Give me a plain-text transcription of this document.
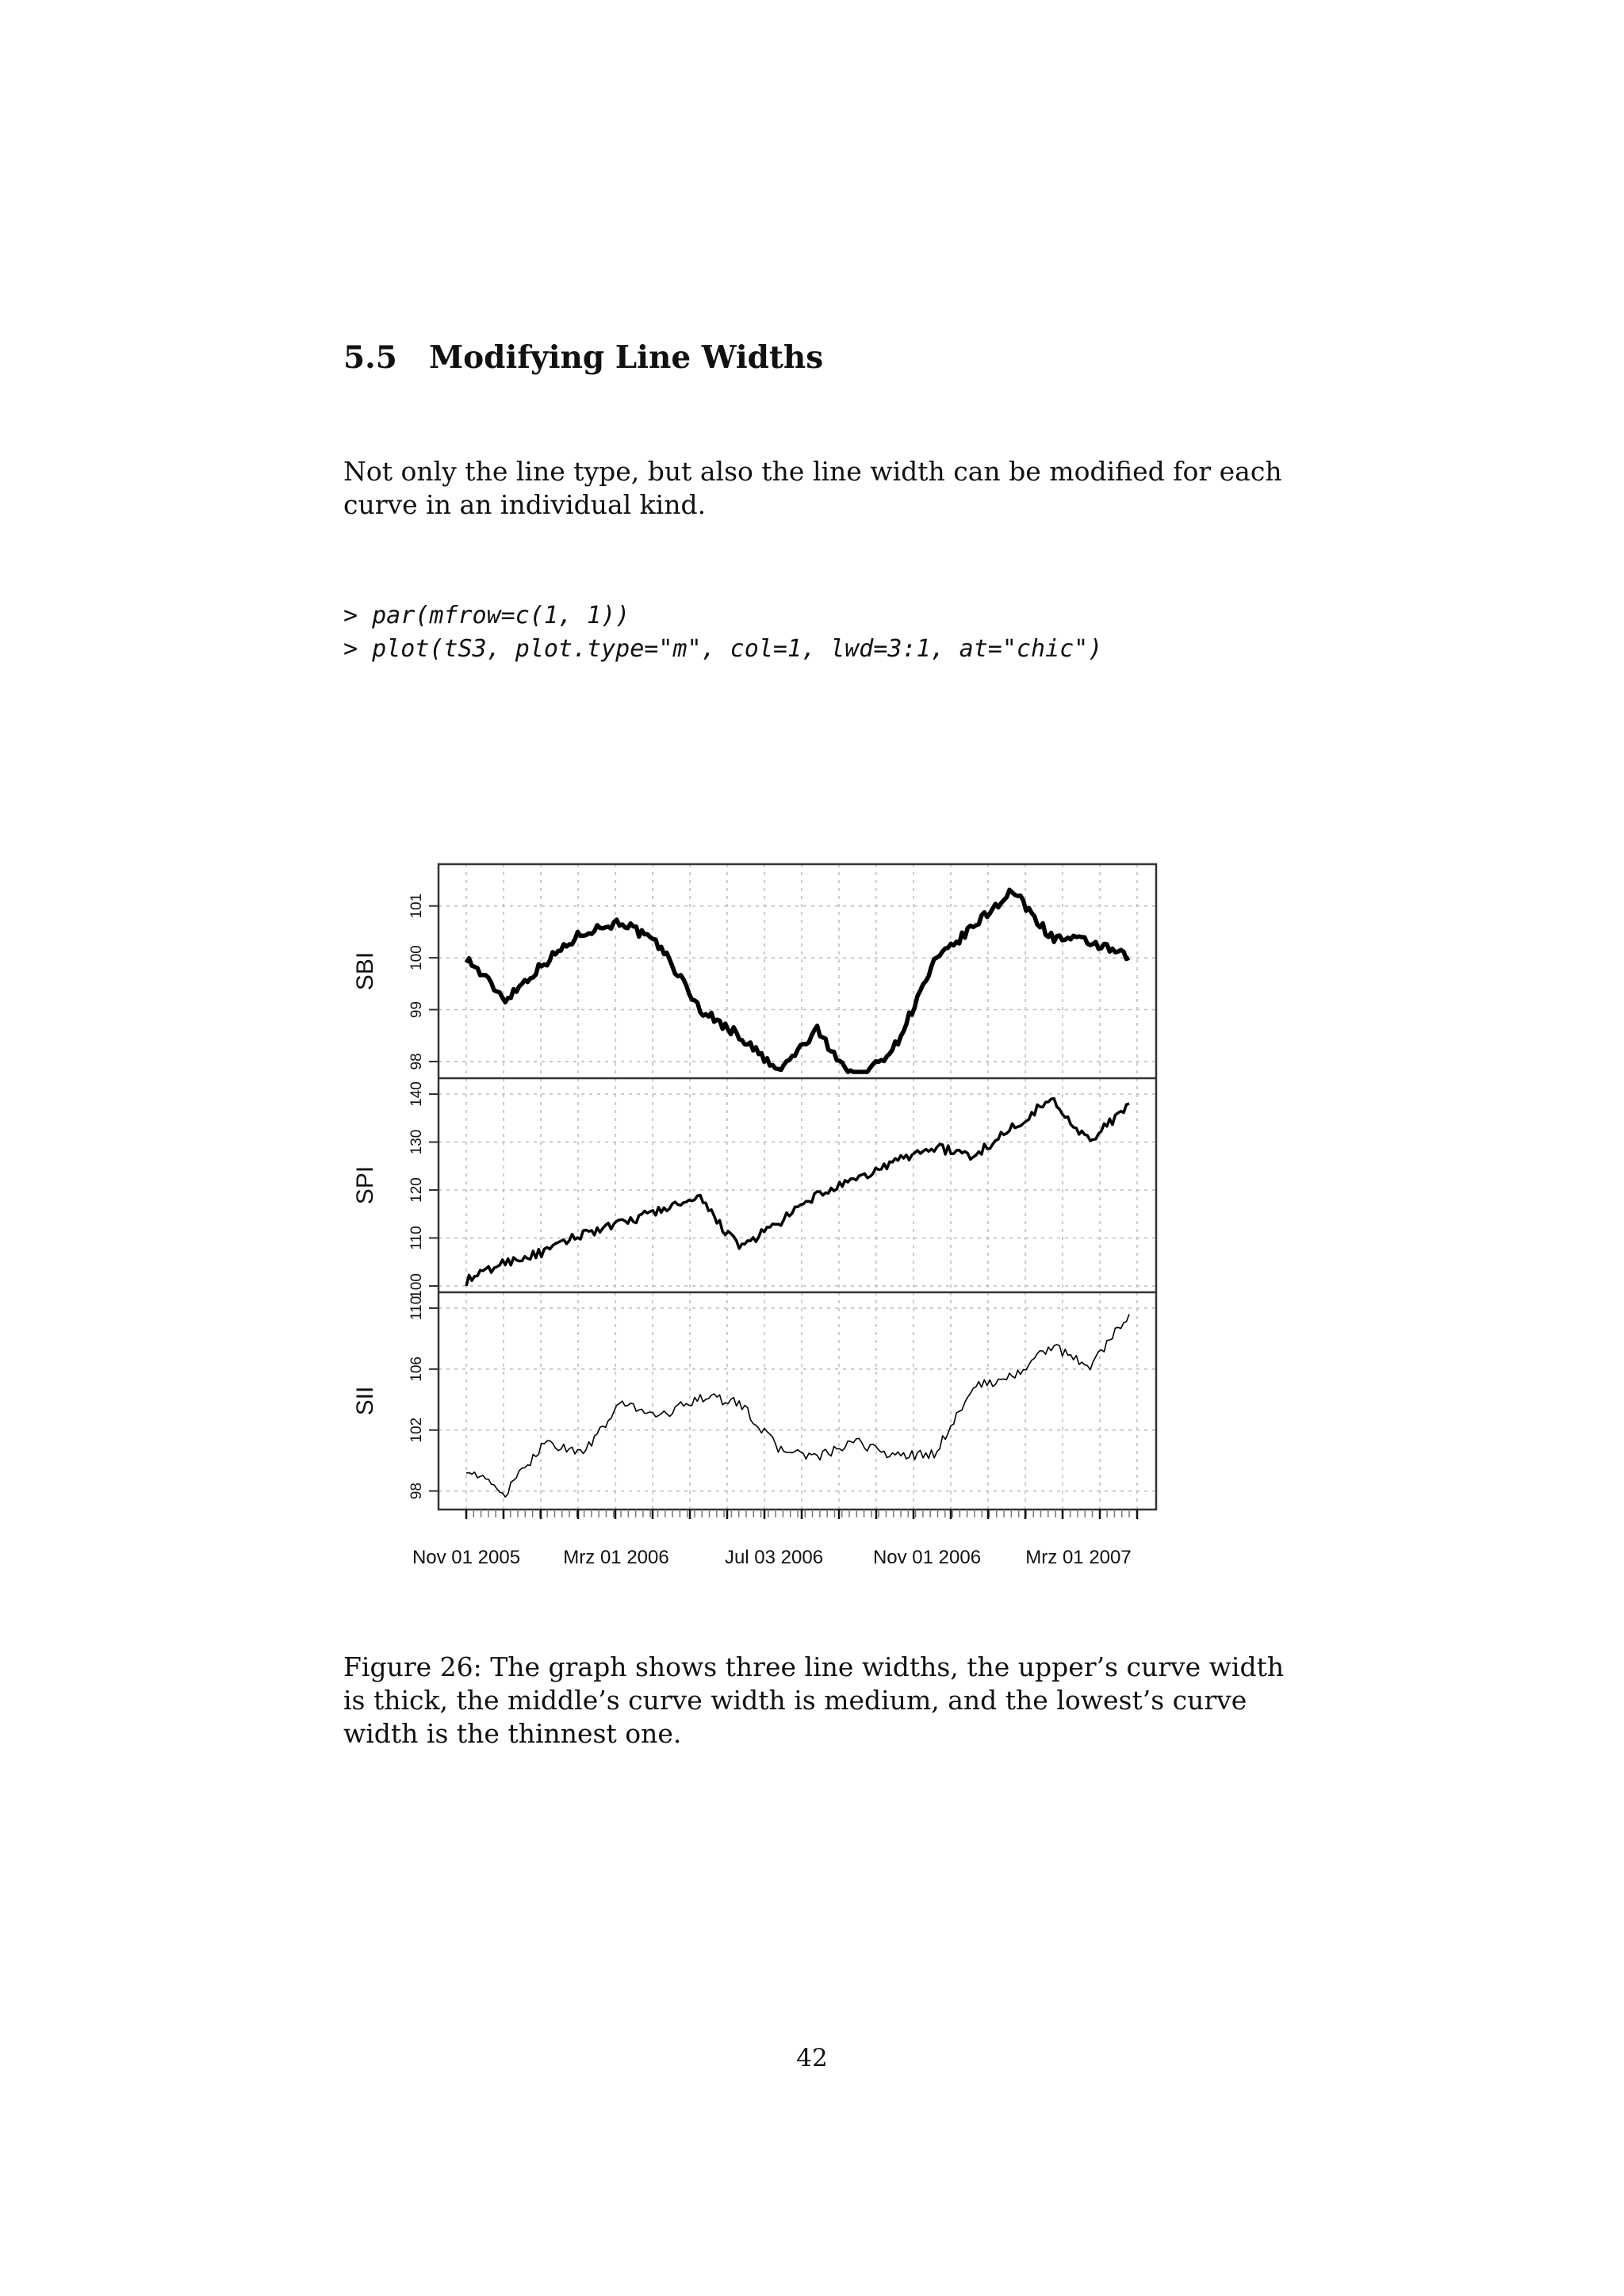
5.5 Modifying Line Widths
Not only the line type, but also the line width can be modified for each curve in an individual kind.
> par(mfrow=c(1, 1))
> plot(tS3, plot.type="m", col=1, lwd=3:1, at="chic")
98
99
100
101
SBI
100
110
120
130
140
SPI
98
102
106
110
SII
Nov 01 2005 Mrz 01 2006	Jul 03 2006	Nov 01 2006 Mrz 01 2007
Figure 26: The graph shows three line widths, the upper’s curve width is thick, the middle’s curve width is medium, and the lowest’s curve width is the thinnest one.
42
